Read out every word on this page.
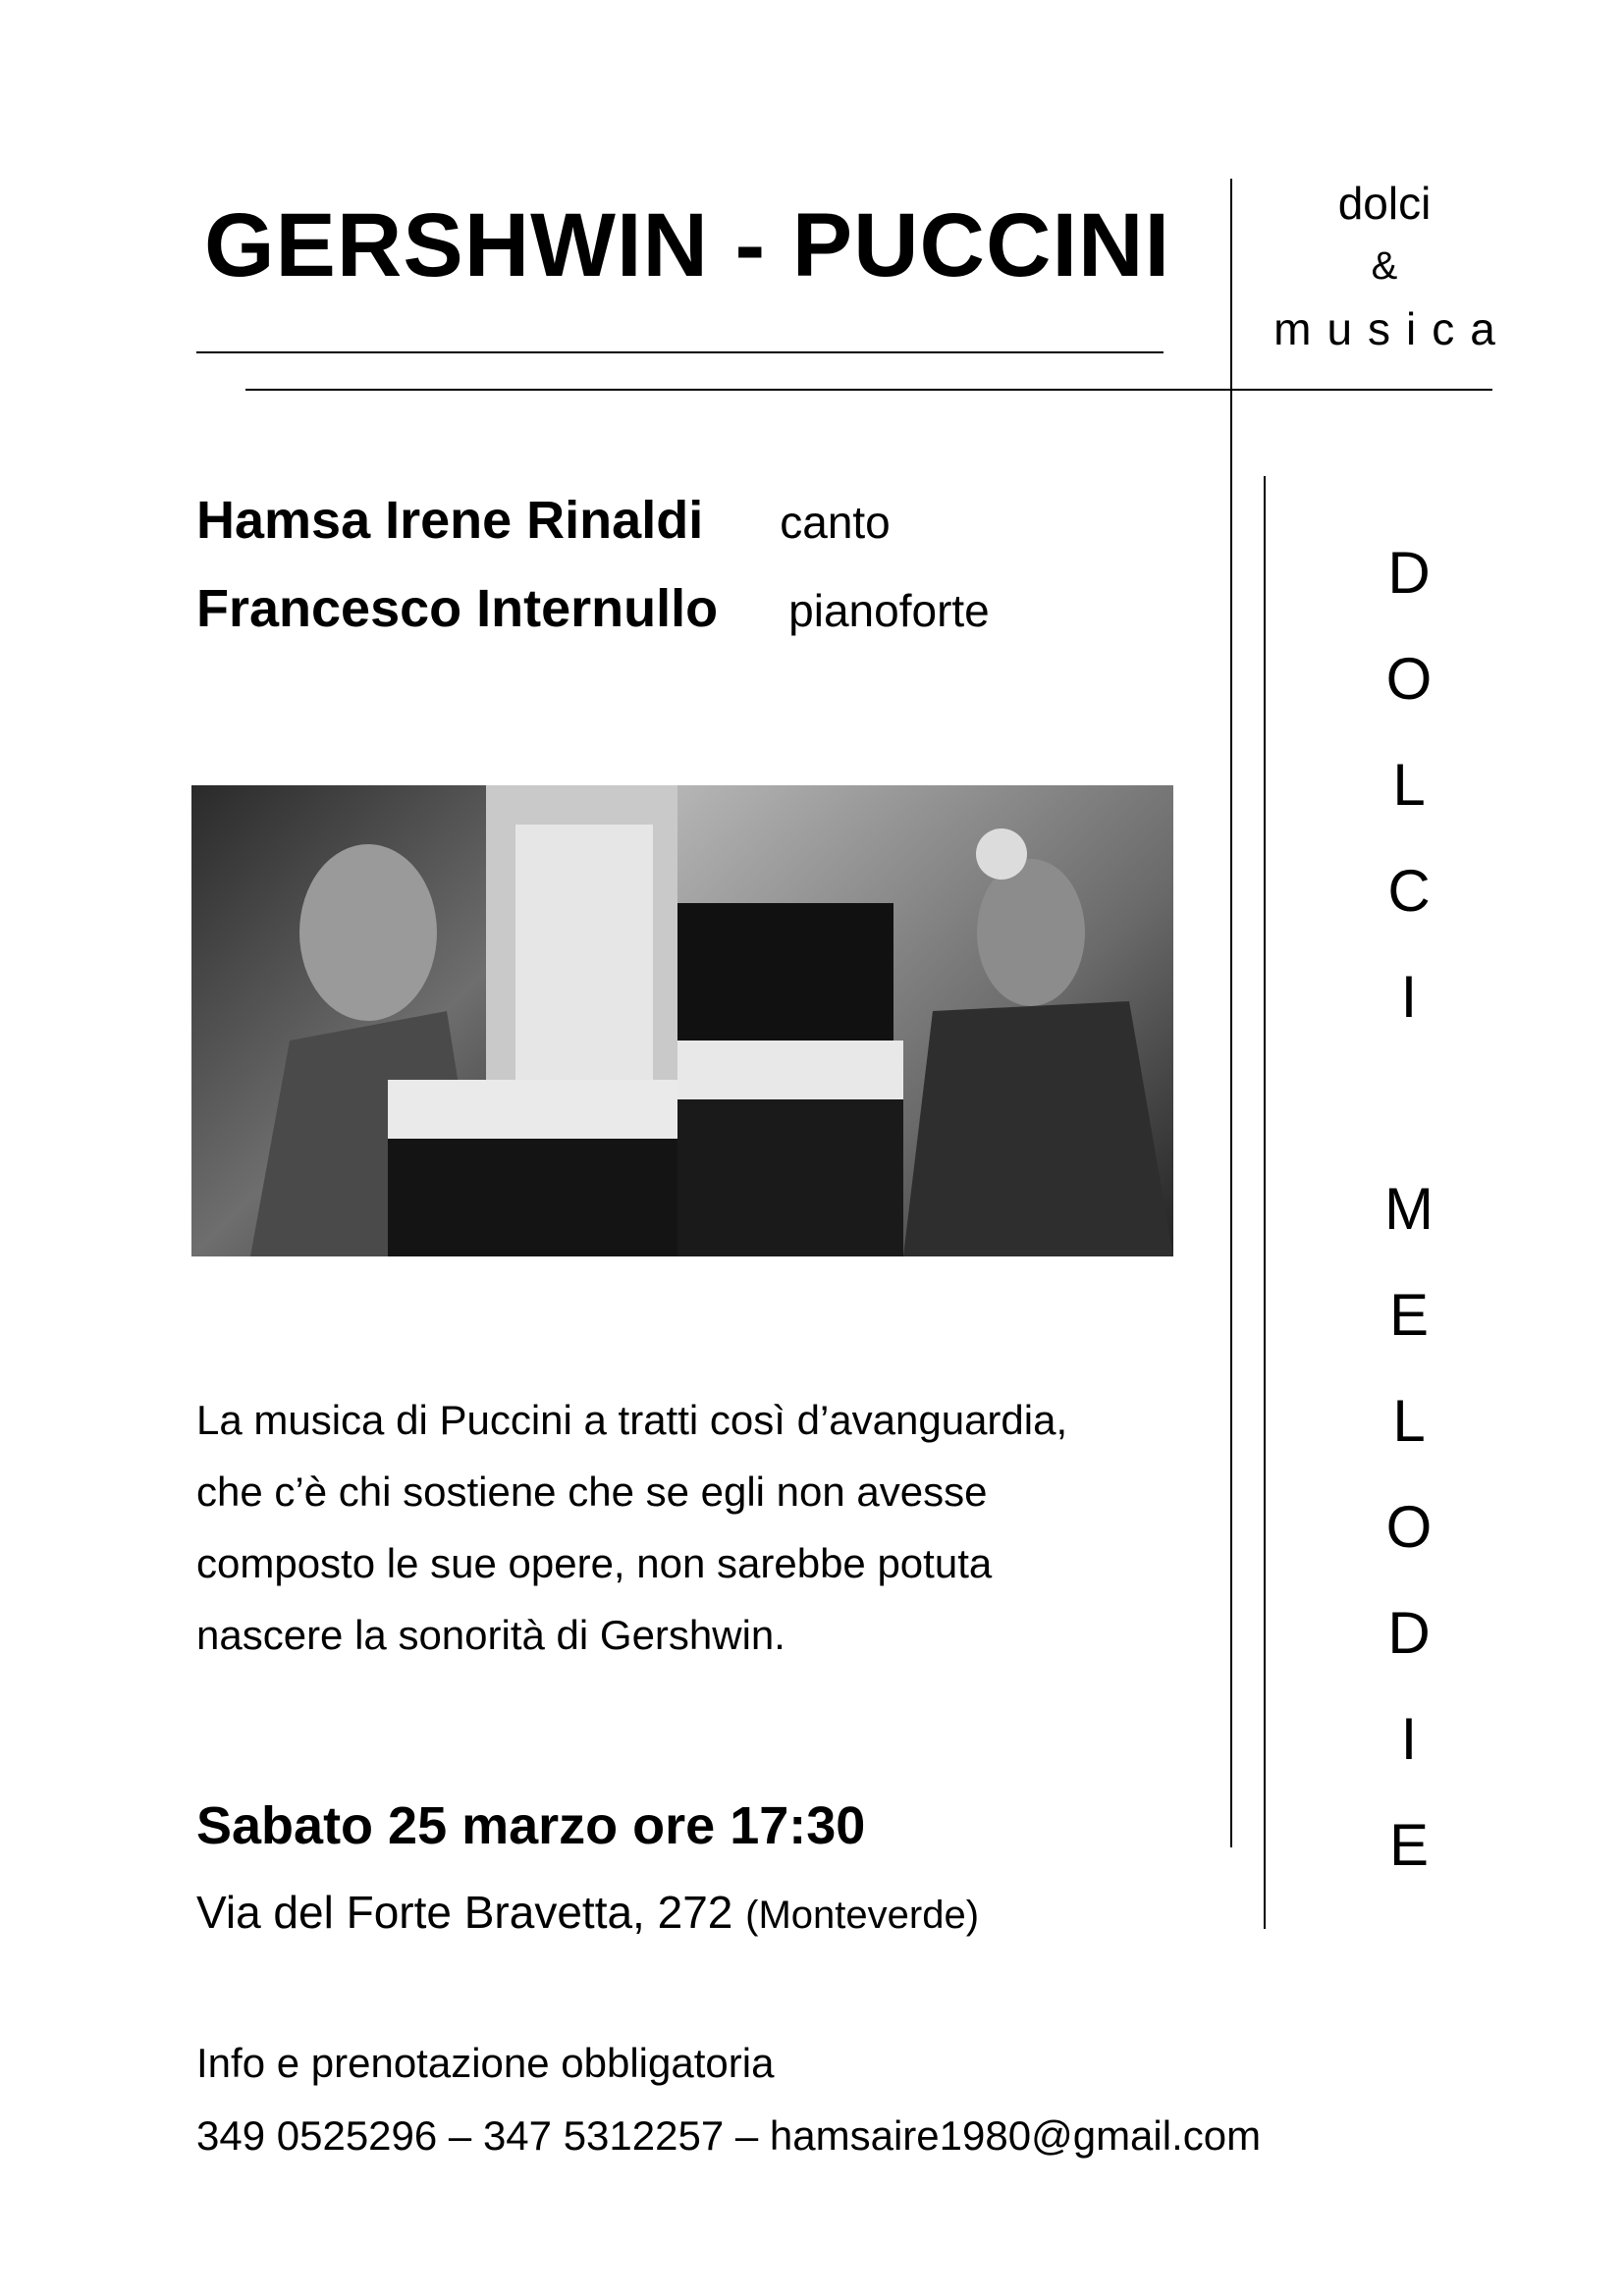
GERSHWIN - PUCCINI	dolci
&
musica
Hamsa Irene Rinaldi canto
Francesco Internullo pianoforte
La musica di Puccini a tratti così d’avanguardia,
che c’è chi sostiene che se egli non avesse
composto le sue opere, non sarebbe potuta
nascere la sonorità di Gershwin.
Sabato 25 marzo ore 17:30
Via del Forte Bravetta, 272 (Monteverde)
Info e prenotazione obbligatoria
349 0525296 – 347 5312257 – hamsaire1980@gmail.com
D
O
L
C
I
M
E
L
O
D
I
E
